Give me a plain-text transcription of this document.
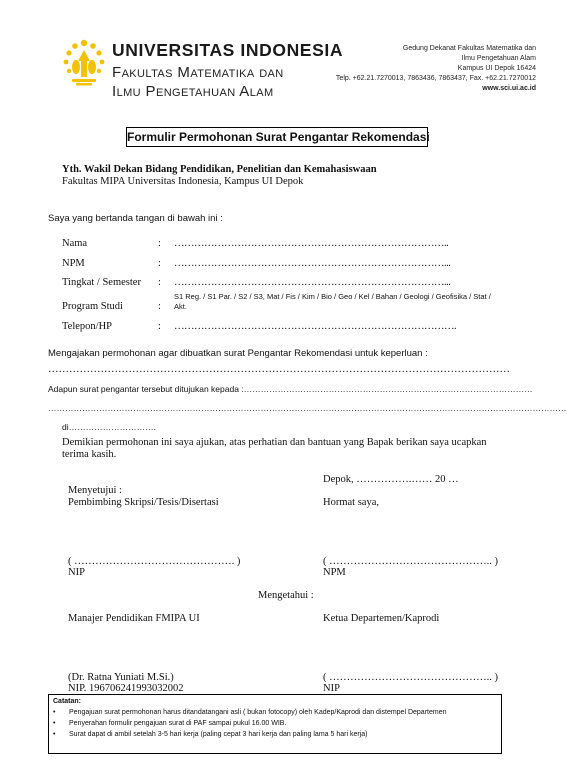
UNIVERSITAS INDONESIA
Fakultas Matematika dan
Ilmu Pengetahuan Alam
Gedung Dekanat Fakultas Matematika dan
Ilmu Pengetahuan Alam
Kampus UI Depok 16424
Telp. +62.21.7270013, 7863436, 7863437, Fax. +62.21.7270012
www.sci.ui.ac.id
Formulir Permohonan Surat Pengantar Rekomendasi
Yth. Wakil Dekan Bidang Pendidikan, Penelitian dan Kemahasiswaan
Fakultas MIPA Universitas Indonesia, Kampus UI Depok
Saya yang bertanda tangan di bawah ini :
Nama	: ………………………………………………………………………..
NPM	: ………………………………………………………………………...
Tingkat / Semester : ………………………………………………………………………...
Program Studi	:
S1 Reg. / S1 Par. / S2 / S3, Mat / Fis / Kim / Bio / Geo / Kel / Bahan / Geologi / Geofisika / Stat / Akt.
Telepon/HP	: ………………………………………………………………………….
Mengajakan permohonan agar dibuatkan surat Pengantar Rekomendasi untuk keperluan :
……………………………………………………………………………………………………………………
Adapun surat pengantar tersebut ditujukan kepada :…………………………………………………………………………………………
…………………………………………………………………………………………………………………………………………………………………
di………………………….
Demikian permohonan ini saya ajukan, atas perhatian dan bantuan yang Bapak berikan saya ucapkan
terima kasih.
Depok, …………….…… 20 …
Menyetujui :
Pembimbing Skripsi/Tesis/Disertasi	Hormat saya,
( ………………………………………. )
NIP
( ……………………………………….. )
NPM
Mengetahui :
Manajer Pendidikan FMIPA UI	Ketua Departemen/Kaprodi
(Dr. Ratna Yuniati M.Si.)
NIP. 196706241993032002
( ……………………………………….. )
NIP
Catatan:
• Pengajuan surat permohonan harus ditandatangani asli ( bukan fotocopy) oleh Kadep/Kaprodi dan distempel Departemen
• Penyerahan formulir pengajuan surat di PAF sampai pukul 16.00 WIB.
• Surat dapat di ambil setelah 3-5 hari kerja (paling cepat 3 hari kerja dan paling lama 5 hari kerja)
